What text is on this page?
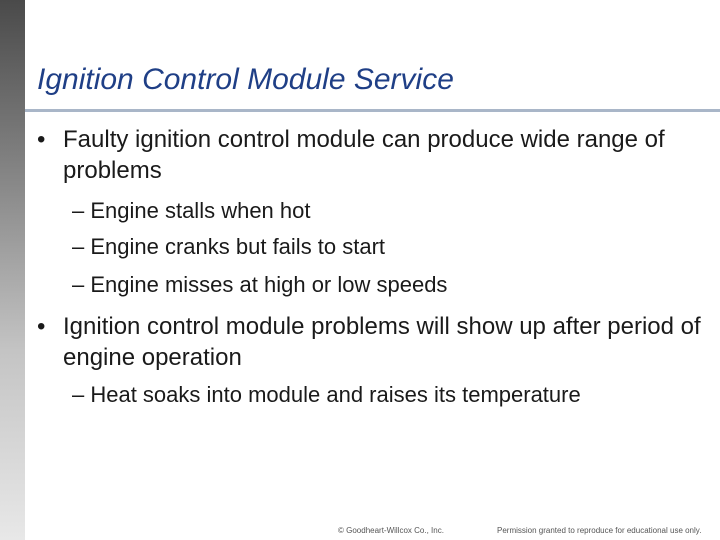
Ignition Control Module Service
• Faulty ignition control module can produce wide range of problems
– Engine stalls when hot
– Engine cranks but fails to start
– Engine misses at high or low speeds
• Ignition control module problems will show up after period of engine operation
– Heat soaks into module and raises its temperature
© Goodheart-Willcox Co., Inc.	Permission granted to reproduce for educational use only.
